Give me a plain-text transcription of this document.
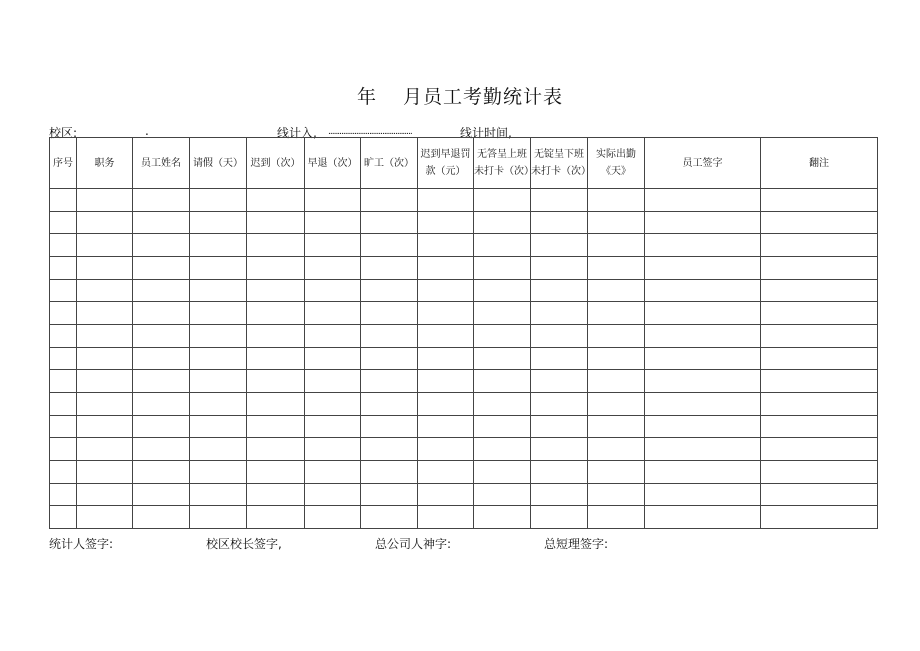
年 月员工考勤统计表
校区:	.	线计入, .............................................	线计时间,
序号	职务	员工姓名	请假（天）	迟到（次）	早退（次）	旷工（次）	迟到早退罚款（元）	无答呈上班未打卡（次）	无锭呈下班未打卡（次）	实际出勤《天》	员工签字	翻注

统计人签字:	校区校长签字,	总公司人神字:	总短理签字:
